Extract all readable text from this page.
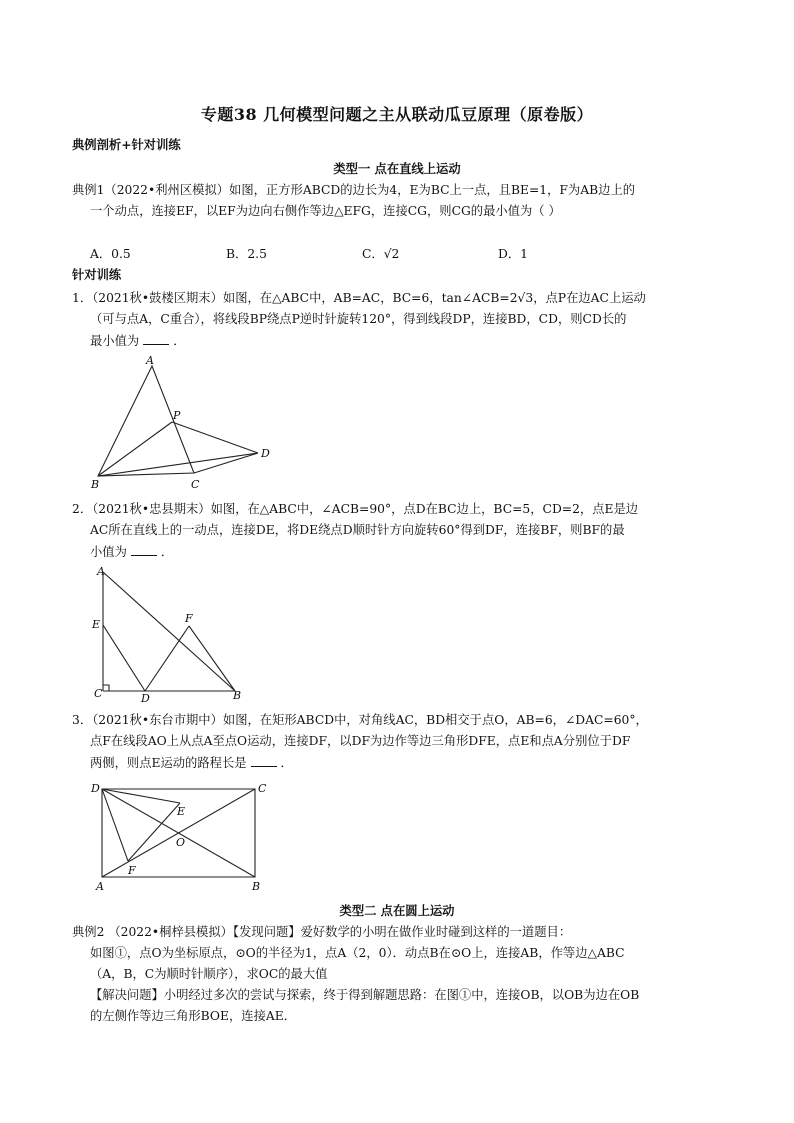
专题38 几何模型问题之主从联动瓜豆原理（原卷版）
典例剖析+针对训练
类型一 点在直线上运动
典例1（2022•利州区模拟）如图，正方形ABCD的边长为4，E为BC上一点，且BE=1，F为AB边上的
一个动点，连接EF，以EF为边向右侧作等边△EFG，连接CG，则CG的最小值为（ ）
A．0.5	B．2.5	C．√2	D．1
针对训练
1．（2021秋•鼓楼区期末）如图，在△ABC中，AB=AC，BC=6，tan∠ACB=2√3，点P在边AC上运动
（可与点A，C重合），将线段BP绕点P逆时针旋转120°，得到线段DP，连接BD，CD，则CD长的
最小值为	．
A
P
D
B	C
2．（2021秋•忠县期末）如图，在△ABC中，∠ACB=90°，点D在BC边上，BC=5，CD=2，点E是边
AC所在直线上的一动点，连接DE，将DE绕点D顺时针方向旋转60°得到DF，连接BF，则BF的最
小值为	．
A
E	F
C	D	B
3．（2021秋•东台市期中）如图，在矩形ABCD中，对角线AC，BD相交于点O，AB=6，∠DAC=60°，
点F在线段AO上从点A至点O运动，连接DF，以DF为边作等边三角形DFE，点E和点A分别位于DF
两侧，则点E运动的路程长是	．
D	C
E
O
F
A	B
类型二 点在圆上运动
典例2 （2022•桐梓县模拟）【发现问题】爱好数学的小明在做作业时碰到这样的一道题目：
如图①，点O为坐标原点，⊙O的半径为1，点A（2，0）．动点B在⊙O上，连接AB，作等边△ABC
（A，B，C为顺时针顺序），求OC的最大值
【解决问题】小明经过多次的尝试与探索，终于得到解题思路：在图①中，连接OB，以OB为边在OB
的左侧作等边三角形BOE，连接AE．
